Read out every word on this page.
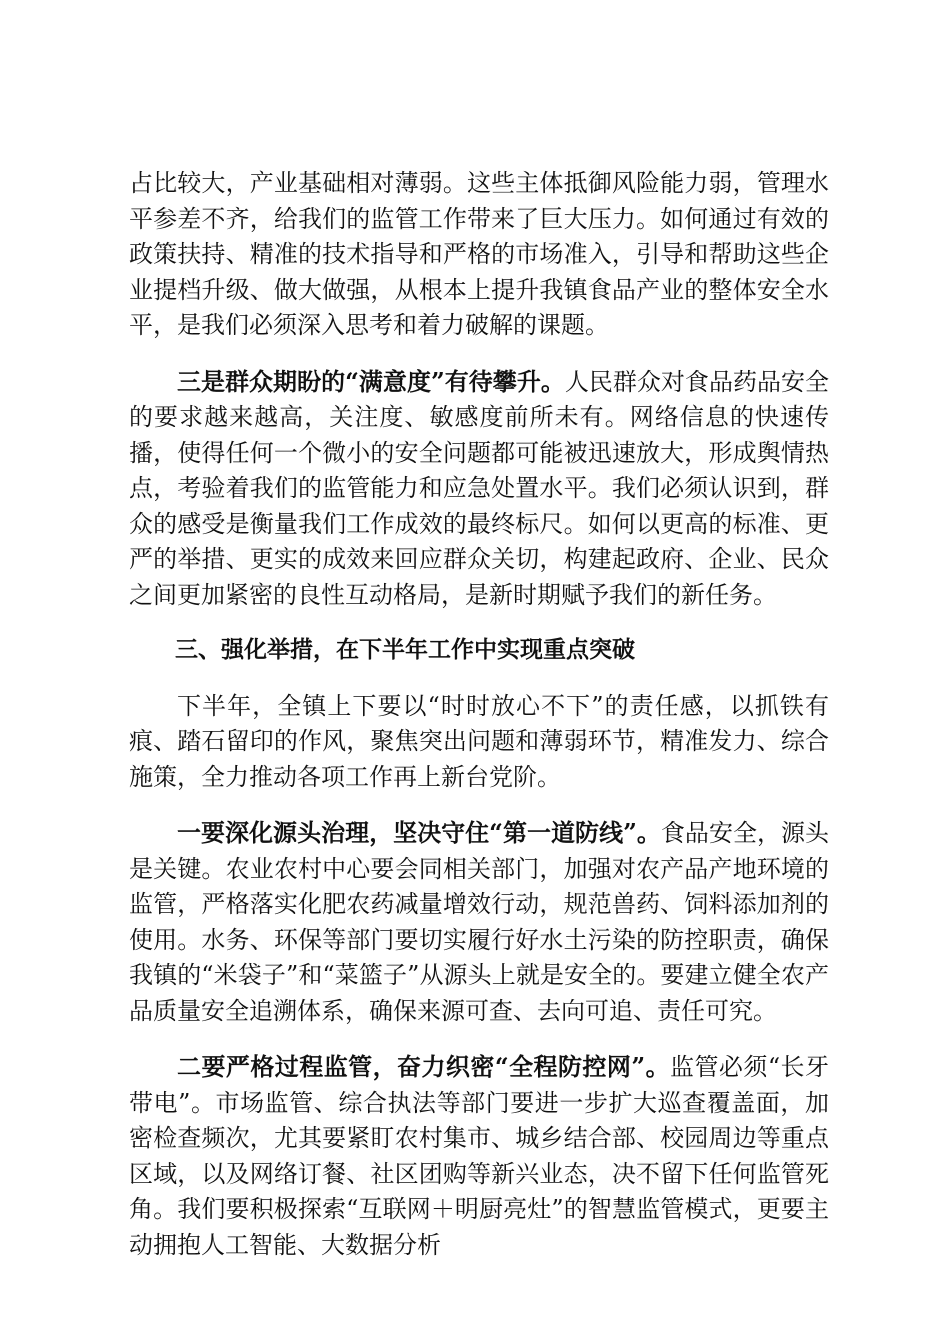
占比较大，产业基础相对薄弱。这些主体抵御风险能力弱，管理水平参差不齐，给我们的监管工作带来了巨大压力。如何通过有效的政策扶持、精准的技术指导和严格的市场准入，引导和帮助这些企业提档升级、做大做强，从根本上提升我镇食品产业的整体安全水平，是我们必须深入思考和着力破解的课题。

三是群众期盼的“满意度”有待攀升。人民群众对食品药品安全的要求越来越高，关注度、敏感度前所未有。网络信息的快速传播，使得任何一个微小的安全问题都可能被迅速放大，形成舆情热点，考验着我们的监管能力和应急处置水平。我们必须认识到，群众的感受是衡量我们工作成效的最终标尺。如何以更高的标准、更严的举措、更实的成效来回应群众关切，构建起政府、企业、民众之间更加紧密的良性互动格局，是新时期赋予我们的新任务。

三、强化举措，在下半年工作中实现重点突破

下半年，全镇上下要以“时时放心不下”的责任感，以抓铁有痕、踏石留印的作风，聚焦突出问题和薄弱环节，精准发力、综合施策，全力推动各项工作再上新台党阶。

一要深化源头治理，坚决守住“第一道防线”。食品安全，源头是关键。农业农村中心要会同相关部门，加强对农产品产地环境的监管，严格落实化肥农药减量增效行动，规范兽药、饲料添加剂的使用。水务、环保等部门要切实履行好水土污染的防控职责，确保我镇的“米袋子”和“菜篮子”从源头上就是安全的。要建立健全农产品质量安全追溯体系，确保来源可查、去向可追、责任可究。

二要严格过程监管，奋力织密“全程防控网”。监管必须“长牙带电”。市场监管、综合执法等部门要进一步扩大巡查覆盖面，加密检查频次，尤其要紧盯农村集市、城乡结合部、校园周边等重点区域，以及网络订餐、社区团购等新兴业态，决不留下任何监管死角。我们要积极探索“互联网＋明厨亮灶”的智慧监管模式，更要主动拥抱人工智能、大数据分析
